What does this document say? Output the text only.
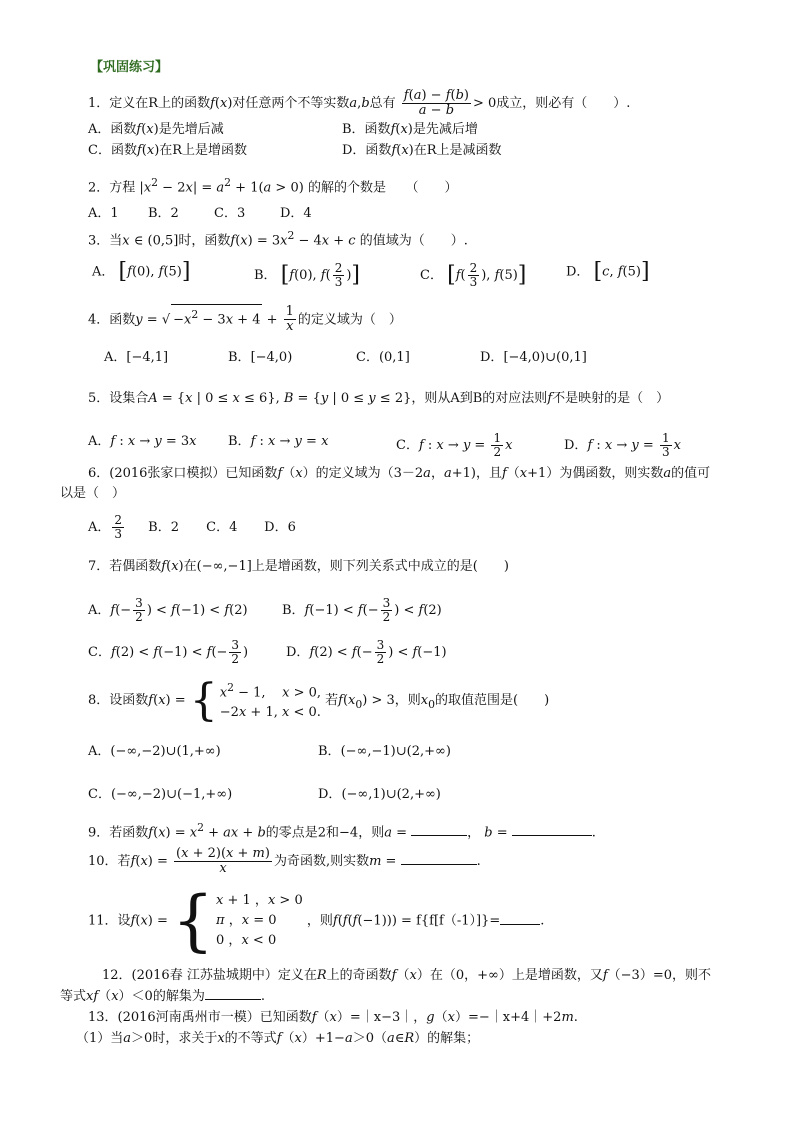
【巩固练习】
1．定义在R上的函数f(x)对任意两个不等实数a,b总有 $\frac{f(a) - f(b)}{a - b} > 0$成立，则必有（　　）.
A．函数f(x)是先增后减	B．函数f(x)是先减后增
C．函数f(x)在R上是增函数	D．函数f(x)在R上是减函数
2．方程 $|x^2 - 2x| = a^2 + 1(a > 0)$ 的解的个数是　　（　　）
A．1 B．2	C．3	D．4
3．当x ∈ (0,5]时，函数$f(x) = 3x^2 - 4x + c$ 的值域为（　　）.
A． [f(0), f(5)]	B． [f(0), $f( \frac{2}{3}$ )]	C． [$f( \frac{2}{3}$ ), f(5)]	D． [c, f(5)]
4．函数y = √ $-x^2 - 3x + 4 + \frac{1}{x}$ 的定义域为（　）
A．[−4,1]	B．[−4,0)	C．(0,1]	D．[−4,0)∪(0,1]
5．设集合A = {x | 0 ≤ x ≤ 6}, B = {y | 0 ≤ y ≤ 2}，则从A到B的对应法则f不是映射的是（　）
A．f : x → y = 3x B．f : x → y = x	C．f : $x \to y = \frac{1}{2}$ x	D．f : $x \to y = \frac{1}{3}$ x
6．(2016张家口模拟）已知函数f（x）的定义域为（3－2a，a+1)，且f（x+1）为偶函数，则实数a的值可
以是（　）
A． $\frac{2}{3}$ B．2 C．4 D．6
7．若偶函数f(x)在(−∞,−1]上是增函数，则下列关系式中成立的是(　　)
A．$f(- \frac{3}{2}$ ) < f(−1) < f(2)	B．$f(-1) < f(- \frac{3}{2}$ ) < f(2)
C．$f(2) < f(-1) < f(- \frac{3}{2}$ )	D．$f(2) < f(- \frac{3}{2}$ ) < f(−1)
8．设函数f(x) = { $x^2 - 1$,    x > 0,
−2x + 1, x < 0.
若$f(x_0) > 3$，则$x_0$的取值范围是(　　)
A．(−∞,−2)∪(1,+∞)	B．(−∞,−1)∪(2,+∞)
C．(−∞,−2)∪(−1,+∞)	D．(−∞,1)∪(2,+∞)
9．若函数$f(x) = x^2$ + ax + b的零点是2和−4，则a =	， b =	.
10．若$f(x) = \frac{(x + 2)(x + m)}{x}$ 为奇函数,则实数m =	.
11．设f(x) = { x + 1 ，x > 0
π ，x = 0
0 ，x < 0
，则f(f(f(−1))) = f{f[f（-1）]}=	.
12．(2016春 江苏盐城期中）定义在R上的奇函数f（x）在（0，+∞）上是增函数，又f（−3）=0，则不
等式xf（x）＜0的解集为	.
13．(2016河南禹州市一模）已知函数f（x）=｜x−3｜，g（x）=−｜x+4｜+2m.
（1）当a＞0时，求关于x的不等式f（x）+1−a＞0（a∈R）的解集；
